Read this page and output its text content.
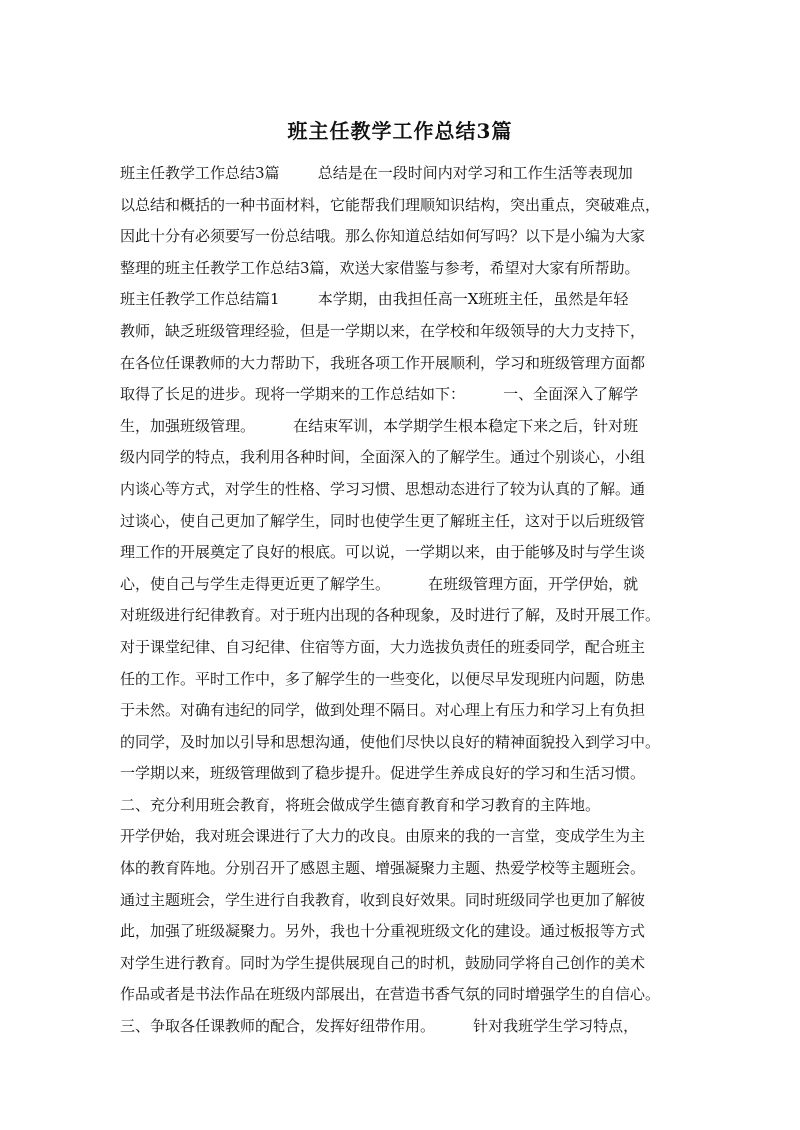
班主任教学工作总结3篇
班主任教学工作总结3篇        总结是在一段时间内对学习和工作生活等表现加
以总结和概括的一种书面材料，它能帮我们理顺知识结构，突出重点，突破难点，
因此十分有必须要写一份总结哦。那么你知道总结如何写吗？以下是小编为大家
整理的班主任教学工作总结3篇，欢送大家借鉴与参考，希望对大家有所帮助。
班主任教学工作总结篇1        本学期，由我担任高一X班班主任，虽然是年轻
教师，缺乏班级管理经验，但是一学期以来，在学校和年级领导的大力支持下，
在各位任课教师的大力帮助下，我班各项工作开展顺利，学习和班级管理方面都
取得了长足的进步。现将一学期来的工作总结如下：        一、全面深入了解学
生，加强班级管理。        在结束军训，本学期学生根本稳定下来之后，针对班
级内同学的特点，我利用各种时间，全面深入的了解学生。通过个别谈心，小组
内谈心等方式，对学生的性格、学习习惯、思想动态进行了较为认真的了解。通
过谈心，使自己更加了解学生，同时也使学生更了解班主任，这对于以后班级管
理工作的开展奠定了良好的根底。可以说，一学期以来，由于能够及时与学生谈
心，使自己与学生走得更近更了解学生。        在班级管理方面，开学伊始，就
对班级进行纪律教育。对于班内出现的各种现象，及时进行了解，及时开展工作。
对于课堂纪律、自习纪律、住宿等方面，大力选拔负责任的班委同学，配合班主
任的工作。平时工作中，多了解学生的一些变化，以便尽早发现班内问题，防患
于未然。对确有违纪的同学，做到处理不隔日。对心理上有压力和学习上有负担
的同学，及时加以引导和思想沟通，使他们尽快以良好的精神面貌投入到学习中。
一学期以来，班级管理做到了稳步提升。促进学生养成良好的学习和生活习惯。
二、充分利用班会教育，将班会做成学生德育教育和学习教育的主阵地。
开学伊始，我对班会课进行了大力的改良。由原来的我的一言堂，变成学生为主
体的教育阵地。分别召开了感恩主题、增强凝聚力主题、热爱学校等主题班会。
通过主题班会，学生进行自我教育，收到良好效果。同时班级同学也更加了解彼
此，加强了班级凝聚力。另外，我也十分重视班级文化的建设。通过板报等方式
对学生进行教育。同时为学生提供展现自己的时机，鼓励同学将自己创作的美术
作品或者是书法作品在班级内部展出，在营造书香气氛的同时增强学生的自信心。
三、争取各任课教师的配合，发挥好纽带作用。        针对我班学生学习特点，
